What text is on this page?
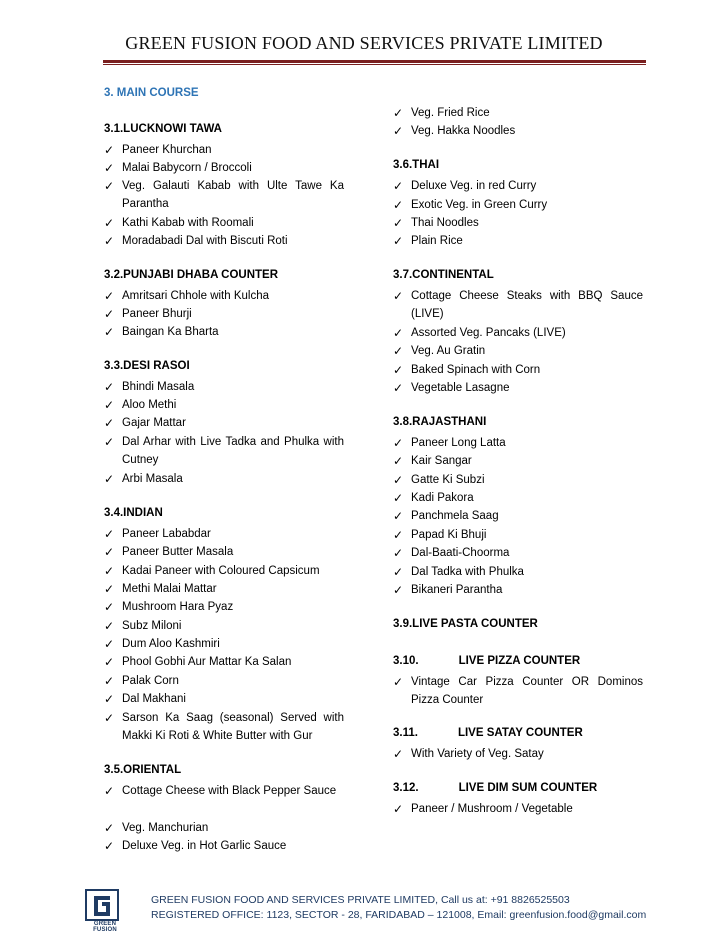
GREEN FUSION FOOD AND SERVICES PRIVATE LIMITED
3. MAIN COURSE
3.1.LUCKNOWI TAWA
✓ Paneer Khurchan
✓ Malai Babycorn / Broccoli
✓ Veg. Galauti Kabab with Ulte Tawe Ka Parantha
✓ Kathi Kabab with Roomali
✓ Moradabadi Dal with Biscuti Roti
3.2.PUNJABI DHABA COUNTER
✓ Amritsari Chhole with Kulcha
✓ Paneer Bhurji
✓ Baingan Ka Bharta
3.3.DESI RASOI
✓ Bhindi Masala
✓ Aloo Methi
✓ Gajar Mattar
✓ Dal Arhar with Live Tadka and Phulka with Cutney
✓ Arbi Masala
3.4.INDIAN
✓ Paneer Lababdar
✓ Paneer Butter Masala
✓ Kadai Paneer with Coloured Capsicum
✓ Methi Malai Mattar
✓ Mushroom Hara Pyaz
✓ Subz Miloni
✓ Dum Aloo Kashmiri
✓ Phool Gobhi Aur Mattar Ka Salan
✓ Palak Corn
✓ Dal Makhani
✓ Sarson Ka Saag (seasonal) Served with Makki Ki Roti & White Butter with Gur
3.5.ORIENTAL
✓ Cottage Cheese with Black Pepper Sauce
✓ Veg. Manchurian
✓ Deluxe Veg. in Hot Garlic Sauce
✓ Veg. Fried Rice
✓ Veg. Hakka Noodles
3.6.THAI
✓ Deluxe Veg. in red Curry
✓ Exotic Veg. in Green Curry
✓ Thai Noodles
✓ Plain Rice
3.7.CONTINENTAL
✓ Cottage Cheese Steaks with BBQ Sauce (LIVE)
✓ Assorted Veg. Pancaks (LIVE)
✓ Veg. Au Gratin
✓ Baked Spinach with Corn
✓ Vegetable Lasagne
3.8.RAJASTHANI
✓ Paneer Long Latta
✓ Kair Sangar
✓ Gatte Ki Subzi
✓ Kadi Pakora
✓ Panchmela Saag
✓ Papad Ki Bhuji
✓ Dal-Baati-Choorma
✓ Dal Tadka with Phulka
✓ Bikaneri Parantha
3.9.LIVE PASTA COUNTER
3.10.	LIVE PIZZA COUNTER
✓ Vintage Car Pizza Counter OR Dominos Pizza Counter
3.11.	LIVE SATAY COUNTER
✓ With Variety of Veg. Satay
3.12.	LIVE DIM SUM COUNTER
✓ Paneer / Mushroom / Vegetable
GREEN FUSION
GREEN FUSION FOOD AND SERVICES PRIVATE LIMITED, Call us at: +91 8826525503
REGISTERED OFFICE: 1123, SECTOR - 28, FARIDABAD – 121008, Email: greenfusion.food@gmail.com
